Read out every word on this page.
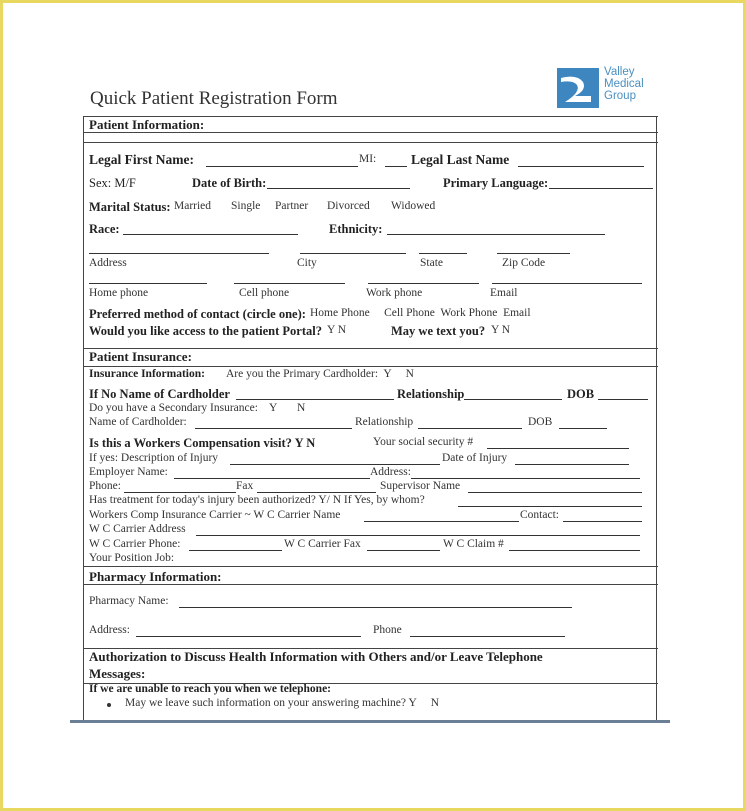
Quick Patient Registration Form
Valley
Medical
Group
Patient Information:
Legal First Name:	MI:	Legal Last Name
Sex: M/F	Date of Birth:	Primary Language:
Marital Status: Married Single Partner Divorced Widowed
Race:	Ethnicity:
Address	City	State	Zip Code
Home phone	Cell phone	Work phone	Email
Preferred method of contact (circle one): Home Phone     Cell Phone  Work Phone  Email
Would you like access to the patient Portal? Y N	May we text you? Y N
Patient Insurance:
Insurance Information: Are you the Primary Cardholder:  Y     N
If No Name of Cardholder	Relationship	DOB
Do you have a Secondary Insurance:    Y       N
Name of Cardholder:	Relationship	DOB
Is this a Workers Compensation visit? Y N	Your social security #
If yes: Description of Injury	Date of Injury
Employer Name:	Address:
Phone:	Fax	Supervisor Name
Has treatment for today's injury been authorized? Y/ N If Yes, by whom?
Workers Comp Insurance Carrier ~ W C Carrier Name	Contact:
W C Carrier Address
W C Carrier Phone:	W C Carrier Fax	W C Claim #
Your Position Job:
Pharmacy Information:
Pharmacy Name:
Address:	Phone
Authorization to Discuss Health Information with Others and/or Leave Telephone
Messages:
If we are unable to reach you when we telephone:
May we leave such information on your answering machine? Y     N
